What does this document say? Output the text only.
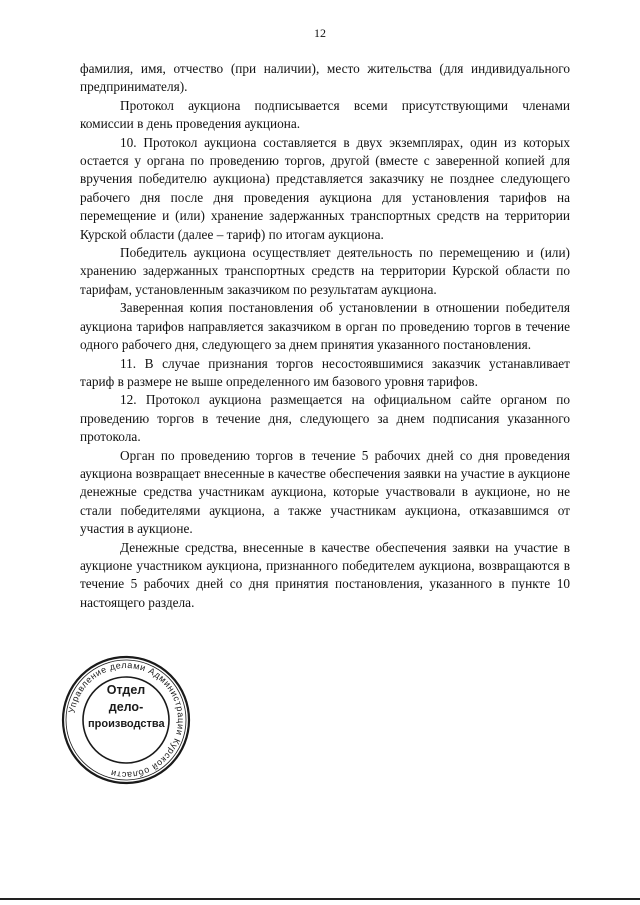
12

фамилия, имя, отчество (при наличии), место жительства (для индивидуального предпринимателя).

Протокол аукциона подписывается всеми присутствующими членами комиссии в день проведения аукциона.

10. Протокол аукциона составляется в двух экземплярах, один из которых остается у органа по проведению торгов, другой (вместе с заверенной копией для вручения победителю аукциона) представляется заказчику не позднее следующего рабочего дня после дня проведения аукциона для установления тарифов на перемещение и (или) хранение задержанных транспортных средств на территории Курской области (далее – тариф) по итогам аукциона.

Победитель аукциона осуществляет деятельность по перемещению и (или) хранению задержанных транспортных средств на территории Курской области по тарифам, установленным заказчиком по результатам аукциона.

Заверенная копия постановления об установлении в отношении победителя аукциона тарифов направляется заказчиком в орган по проведению торгов в течение одного рабочего дня, следующего за днем принятия указанного постановления.

11. В случае признания торгов несостоявшимися заказчик устанавливает тариф в размере не выше определенного им базового уровня тарифов.

12. Протокол аукциона размещается на официальном сайте органом по проведению торгов в течение дня, следующего за днем подписания указанного протокола.

Орган по проведению торгов в течение 5 рабочих дней со дня проведения аукциона возвращает внесенные в качестве обеспечения заявки на участие в аукционе денежные средства участникам аукциона, которые участвовали в аукционе, но не стали победителями аукциона, а также участникам аукциона, отказавшимся от участия в аукционе.

Денежные средства, внесенные в качестве обеспечения заявки на участие в аукционе участником аукциона, признанного победителем аукциона, возвращаются в течение 5 рабочих дней со дня принятия постановления, указанного в пункте 10 настоящего раздела.

Управление делами Администрации Курской области
Отдел
дело-
производства
